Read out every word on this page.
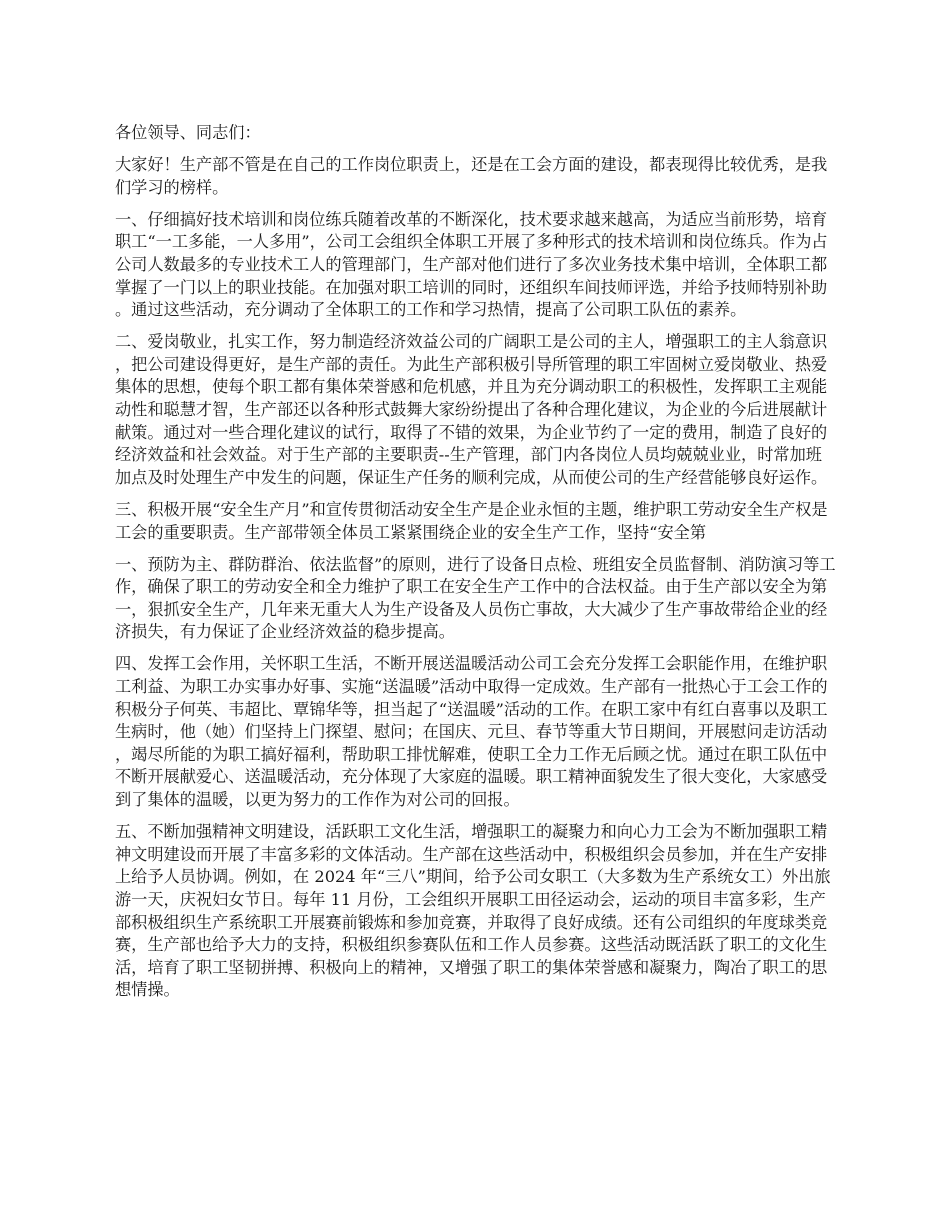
各位领导、同志们：

大家好！生产部不管是在自己的工作岗位职责上，还是在工会方面的建设，都表现得比较优秀，是我们学习的榜样。

一、仔细搞好技术培训和岗位练兵随着改革的不断深化，技术要求越来越高，为适应当前形势，培育职工“一工多能，一人多用”，公司工会组织全体职工开展了多种形式的技术培训和岗位练兵。作为占公司人数最多的专业技术工人的管理部门，生产部对他们进行了多次业务技术集中培训，全体职工都掌握了一门以上的职业技能。在加强对职工培训的同时，还组织车间技师评选，并给予技师特别补助。通过这些活动，充分调动了全体职工的工作和学习热情，提高了公司职工队伍的素养。

二、爱岗敬业，扎实工作，努力制造经济效益公司的广阔职工是公司的主人，增强职工的主人翁意识，把公司建设得更好，是生产部的责任。为此生产部积极引导所管理的职工牢固树立爱岗敬业、热爱集体的思想，使每个职工都有集体荣誉感和危机感，并且为充分调动职工的积极性，发挥职工主观能动性和聪慧才智，生产部还以各种形式鼓舞大家纷纷提出了各种合理化建议，为企业的今后进展献计献策。通过对一些合理化建议的试行，取得了不错的效果，为企业节约了一定的费用，制造了良好的经济效益和社会效益。对于生产部的主要职责--生产管理，部门内各岗位人员均兢兢业业，时常加班加点及时处理生产中发生的问题，保证生产任务的顺利完成，从而使公司的生产经营能够良好运作。

三、积极开展“安全生产月”和宣传贯彻活动安全生产是企业永恒的主题，维护职工劳动安全生产权是工会的重要职责。生产部带领全体员工紧紧围绕企业的安全生产工作，坚持“安全第

一、预防为主、群防群治、依法监督”的原则，进行了设备日点检、班组安全员监督制、消防演习等工作，确保了职工的劳动安全和全力维护了职工在安全生产工作中的合法权益。由于生产部以安全为第一，狠抓安全生产，几年来无重大人为生产设备及人员伤亡事故，大大减少了生产事故带给企业的经济损失，有力保证了企业经济效益的稳步提高。

四、发挥工会作用，关怀职工生活，不断开展送温暖活动公司工会充分发挥工会职能作用，在维护职工利益、为职工办实事办好事、实施“送温暖”活动中取得一定成效。生产部有一批热心于工会工作的积极分子何英、韦超比、覃锦华等，担当起了“送温暖”活动的工作。在职工家中有红白喜事以及职工生病时，他（她）们坚持上门探望、慰问；在国庆、元旦、春节等重大节日期间，开展慰问走访活动，竭尽所能的为职工搞好福利，帮助职工排忧解难，使职工全力工作无后顾之忧。通过在职工队伍中不断开展献爱心、送温暖活动，充分体现了大家庭的温暖。职工精神面貌发生了很大变化，大家感受到了集体的温暖，以更为努力的工作作为对公司的回报。

五、不断加强精神文明建设，活跃职工文化生活，增强职工的凝聚力和向心力工会为不断加强职工精神文明建设而开展了丰富多彩的文体活动。生产部在这些活动中，积极组织会员参加，并在生产安排上给予人员协调。例如，在 2024 年“三八”期间，给予公司女职工（大多数为生产系统女工）外出旅游一天，庆祝妇女节日。每年 11 月份，工会组织开展职工田径运动会，运动的项目丰富多彩，生产部积极组织生产系统职工开展赛前锻炼和参加竞赛，并取得了良好成绩。还有公司组织的年度球类竞赛，生产部也给予大力的支持，积极组织参赛队伍和工作人员参赛。这些活动既活跃了职工的文化生活，培育了职工坚韧拼搏、积极向上的精神，又增强了职工的集体荣誉感和凝聚力，陶冶了职工的思想情操。
